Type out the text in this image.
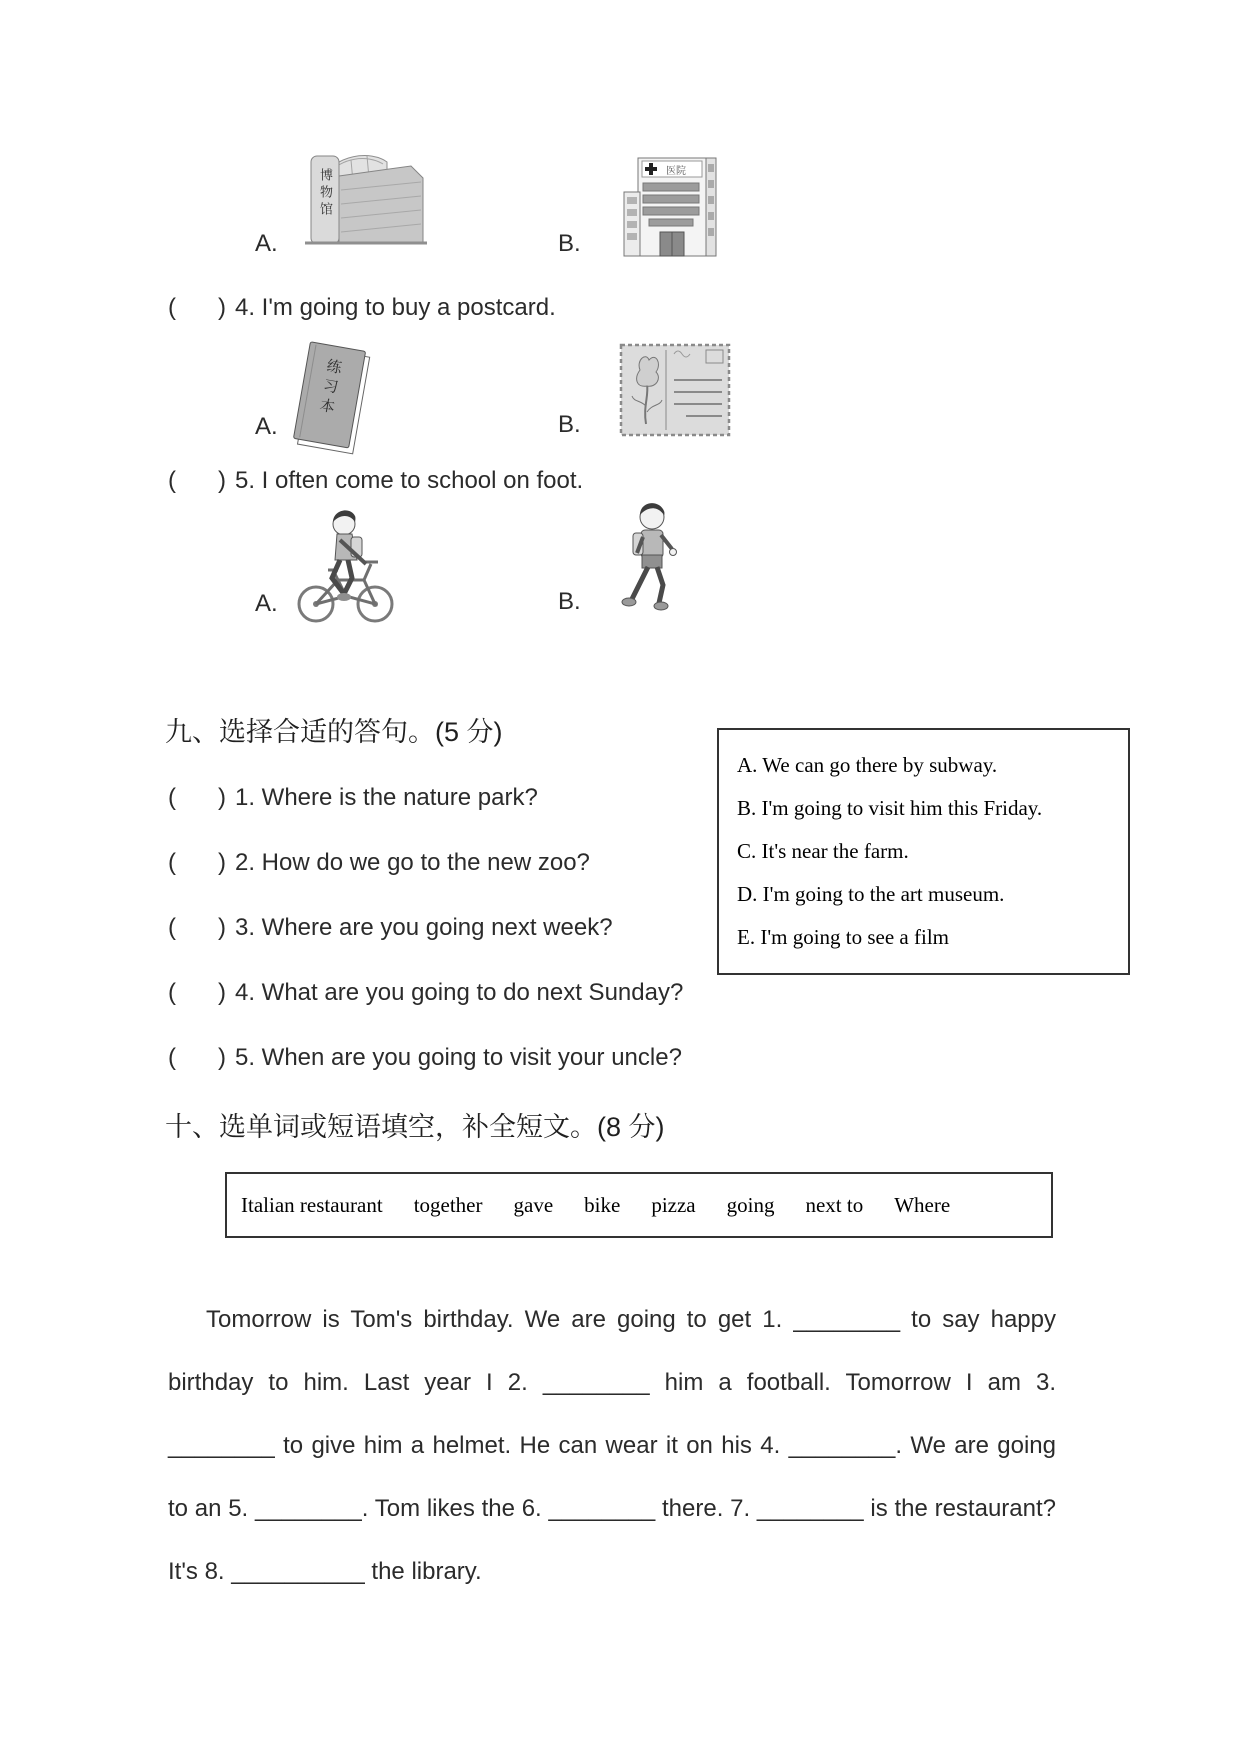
博物馆
A.
医院
B.
( ) 4. I'm going to buy a postcard.
练习本
A.	B.
( ) 5. I often come to school on foot.
A.	B.
九、选择合适的答句。(5 分)
A. We can go there by subway.
B. I'm going to visit him this Friday.
C. It's near the farm.
D. I'm going to the art museum.
E. I'm going to see a film
( ) 1. Where is the nature park?
( ) 2. How do we go to the new zoo?
( ) 3. Where are you going next week?
( ) 4. What are you going to do next Sunday?
( ) 5. When are you going to visit your uncle?
十、选单词或短语填空，补全短文。(8 分)
Italian restaurant together gave bike pizza going next to Where
Tomorrow is Tom's birthday. We are going to get 1. ________ to say happy
birthday to him. Last year I 2. ________ him a football. Tomorrow I am 3.
________ to give him a helmet. He can wear it on his 4. ________. We are going
to an 5. ________. Tom likes the 6. ________ there. 7. ________ is the restaurant?
It's 8. __________ the library.
